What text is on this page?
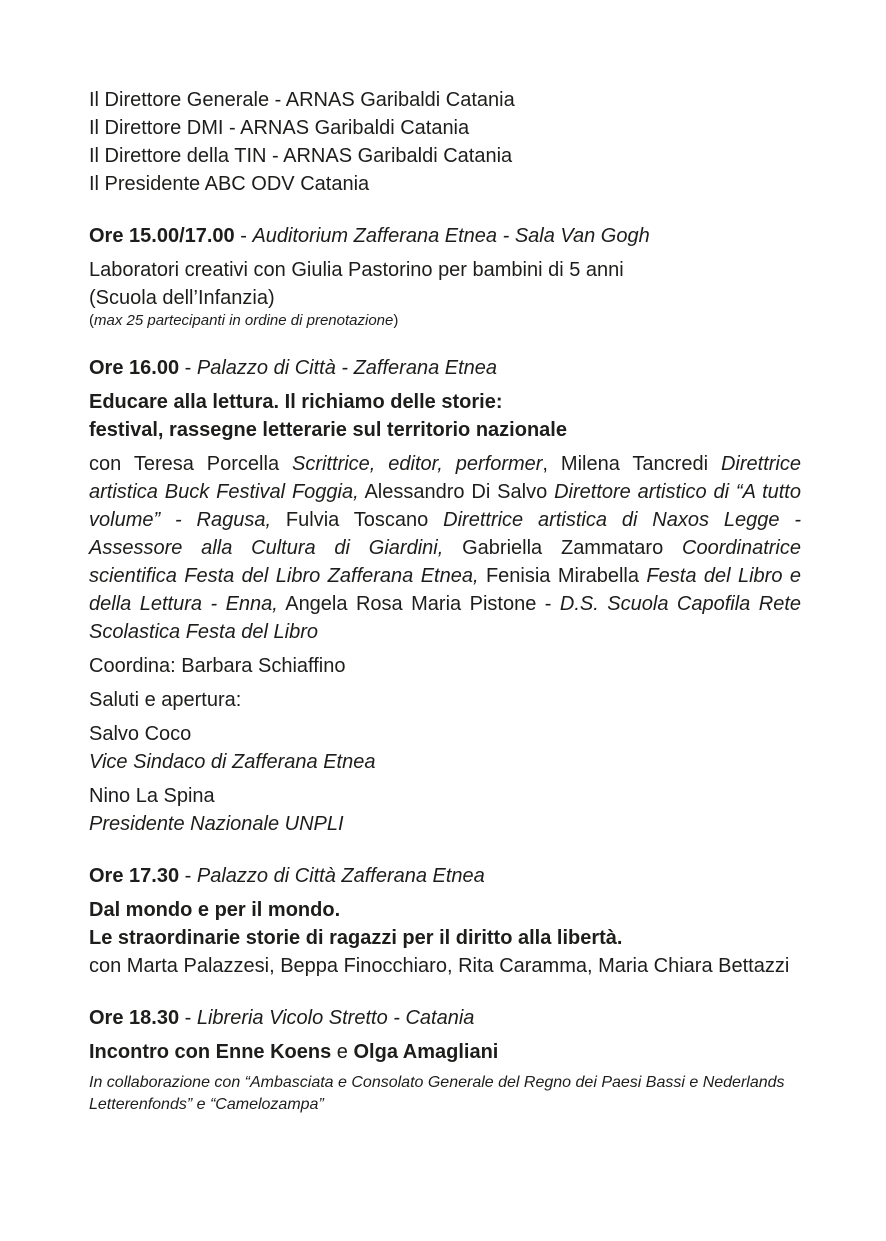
Il Direttore Generale - ARNAS Garibaldi Catania
Il Direttore DMI - ARNAS Garibaldi Catania
Il Direttore della TIN - ARNAS Garibaldi Catania
Il Presidente ABC ODV Catania
Ore 15.00/17.00 - Auditorium Zafferana Etnea - Sala Van Gogh
Laboratori creativi con Giulia Pastorino per bambini di 5 anni
(Scuola dell’Infanzia)
(max 25 partecipanti in ordine di prenotazione)
Ore 16.00 - Palazzo di Città - Zafferana Etnea
Educare alla lettura. Il richiamo delle storie:
festival, rassegne letterarie sul territorio nazionale
con Teresa Porcella Scrittrice, editor, performer, Milena Tancredi Direttrice artistica Buck Festival Foggia, Alessandro Di Salvo Direttore artistico di “A tutto volume” - Ragusa, Fulvia Toscano Direttrice artistica di Naxos Legge - Assessore alla Cultura di Giardini, Gabriella Zammataro Coordinatrice scientifica Festa del Libro Zafferana Etnea, Fenisia Mirabella Festa del Libro e della Lettura - Enna, Angela Rosa Maria Pistone - D.S. Scuola Capofila Rete Scolastica Festa del Libro
Coordina: Barbara Schiaffino
Saluti e apertura:
Salvo Coco
Vice Sindaco di Zafferana Etnea
Nino La Spina
Presidente Nazionale UNPLI
Ore 17.30 - Palazzo di Città Zafferana Etnea
Dal mondo e per il mondo.
Le straordinarie storie di ragazzi per il diritto alla libertà.
con Marta Palazzesi, Beppa Finocchiaro, Rita Caramma, Maria Chiara Bettazzi
Ore 18.30 - Libreria Vicolo Stretto - Catania
Incontro con Enne Koens e Olga Amagliani
In collaborazione con “Ambasciata e Consolato Generale del Regno dei Paesi Bassi e Nederlands Letterenfonds” e “Camelozampa”
